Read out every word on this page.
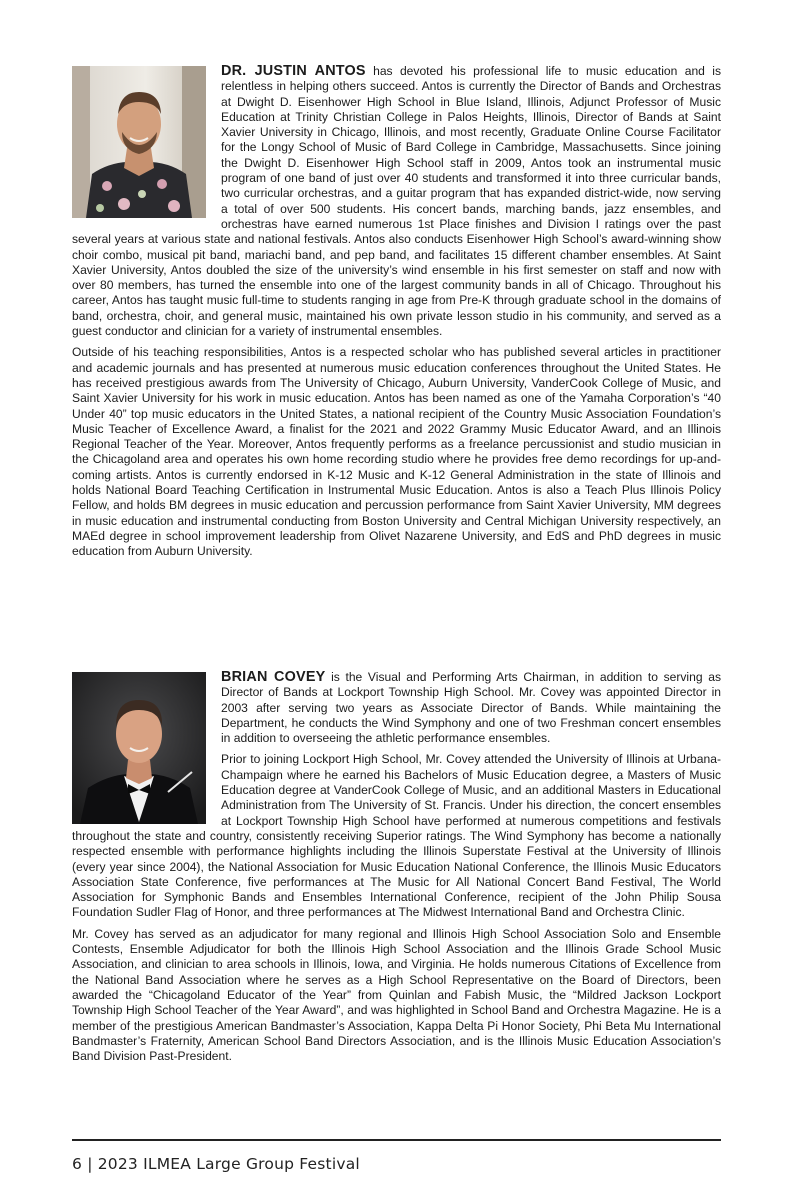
DR. JUSTIN ANTOS has devoted his professional life to music education and is relentless in helping others succeed. Antos is currently the Director of Bands and Orchestras at Dwight D. Eisenhower High School in Blue Island, Illinois, Adjunct Professor of Music Education at Trinity Christian College in Palos Heights, Illinois, Director of Bands at Saint Xavier University in Chicago, Illinois, and most recently, Graduate Online Course Facilitator for the Longy School of Music of Bard College in Cambridge, Massachusetts. Since joining the Dwight D. Eisenhower High School staff in 2009, Antos took an instrumental music program of one band of just over 40 students and transformed it into three curricular bands, two curricular orchestras, and a guitar program that has expanded district-wide, now serving a total of over 500 students. His concert bands, marching bands, jazz ensembles, and orchestras have earned numerous 1st Place finishes and Division I ratings over the past several years at various state and national festivals. Antos also conducts Eisenhower High School’s award-winning show choir combo, musical pit band, mariachi band, and pep band, and facilitates 15 different chamber ensembles. At Saint Xavier University, Antos doubled the size of the university’s wind ensemble in his first semester on staff and now with over 80 members, has turned the ensemble into one of the largest community bands in all of Chicago. Throughout his career, Antos has taught music full-time to students ranging in age from Pre-K through graduate school in the domains of band, orchestra, choir, and general music, maintained his own private lesson studio in his community, and served as a guest conductor and clinician for a variety of instrumental ensembles.

Outside of his teaching responsibilities, Antos is a respected scholar who has published several articles in practitioner and academic journals and has presented at numerous music education conferences throughout the United States. He has received prestigious awards from The University of Chicago, Auburn University, VanderCook College of Music, and Saint Xavier University for his work in music education. Antos has been named as one of the Yamaha Corporation’s “40 Under 40” top music educators in the United States, a national recipient of the Country Music Association Foundation’s Music Teacher of Excellence Award, a finalist for the 2021 and 2022 Grammy Music Educator Award, and an Illinois Regional Teacher of the Year. Moreover, Antos frequently performs as a freelance percussionist and studio musician in the Chicagoland area and operates his own home recording studio where he provides free demo recordings for up-and-coming artists. Antos is currently endorsed in K-12 Music and K-12 General Administration in the state of Illinois and holds National Board Teaching Certification in Instrumental Music Education. Antos is also a Teach Plus Illinois Policy Fellow, and holds BM degrees in music education and percussion performance from Saint Xavier University, MM degrees in music education and instrumental conducting from Boston University and Central Michigan University respectively, an MAEd degree in school improvement leadership from Olivet Nazarene University, and EdS and PhD degrees in music education from Auburn University.

BRIAN COVEY is the Visual and Performing Arts Chairman, in addition to serving as Director of Bands at Lockport Township High School. Mr. Covey was appointed Director in 2003 after serving two years as Associate Director of Bands. While maintaining the Department, he conducts the Wind Symphony and one of two Freshman concert ensembles in addition to overseeing the athletic performance ensembles.

Prior to joining Lockport High School, Mr. Covey attended the University of Illinois at Urbana-Champaign where he earned his Bachelors of Music Education degree, a Masters of Music Education degree at VanderCook College of Music, and an additional Masters in Educational Administration from The University of St. Francis. Under his direction, the concert ensembles at Lockport Township High School have performed at numerous competitions and festivals throughout the state and country, consistently receiving Superior ratings. The Wind Symphony has become a nationally respected ensemble with performance highlights including the Illinois Superstate Festival at the University of Illinois (every year since 2004), the National Association for Music Education National Conference, the Illinois Music Educators Association State Conference, five performances at The Music for All National Concert Band Festival, The World Association for Symphonic Bands and Ensembles International Conference, recipient of the John Philip Sousa Foundation Sudler Flag of Honor, and three performances at The Midwest International Band and Orchestra Clinic.

Mr. Covey has served as an adjudicator for many regional and Illinois High School Association Solo and Ensemble Contests, Ensemble Adjudicator for both the Illinois High School Association and the Illinois Grade School Music Association, and clinician to area schools in Illinois, Iowa, and Virginia. He holds numerous Citations of Excellence from the National Band Association where he serves as a High School Representative on the Board of Directors, been awarded the “Chicagoland Educator of the Year” from Quinlan and Fabish Music, the “Mildred Jackson Lockport Township High School Teacher of the Year Award”, and was highlighted in School Band and Orchestra Magazine. He is a member of the prestigious American Bandmaster’s Association, Kappa Delta Pi Honor Society, Phi Beta Mu International Bandmaster’s Fraternity, American School Band Directors Association, and is the Illinois Music Education Association’s Band Division Past-President.

6 | 2023 ILMEA Large Group Festival
